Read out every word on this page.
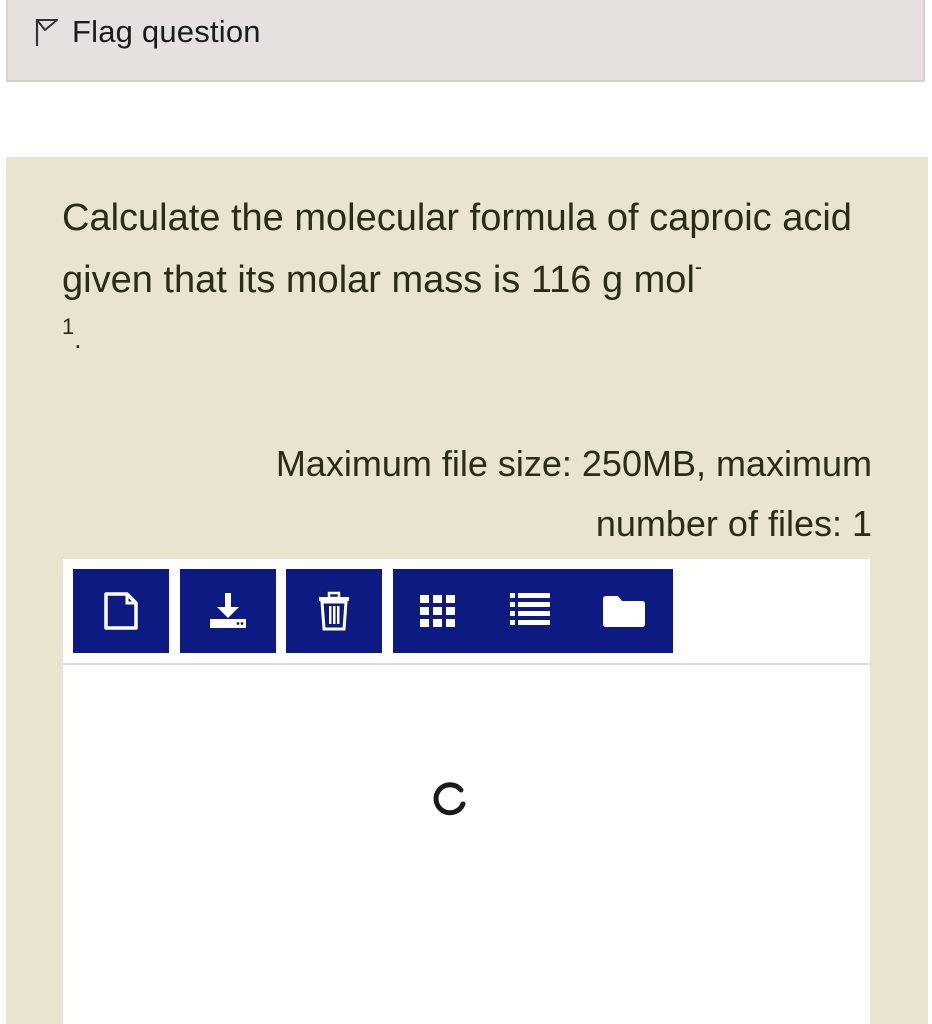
Flag question
Calculate the molecular formula of caproic acid given that its molar mass is 116 g mol-
1.
Maximum file size: 250MB, maximum
number of files: 1
